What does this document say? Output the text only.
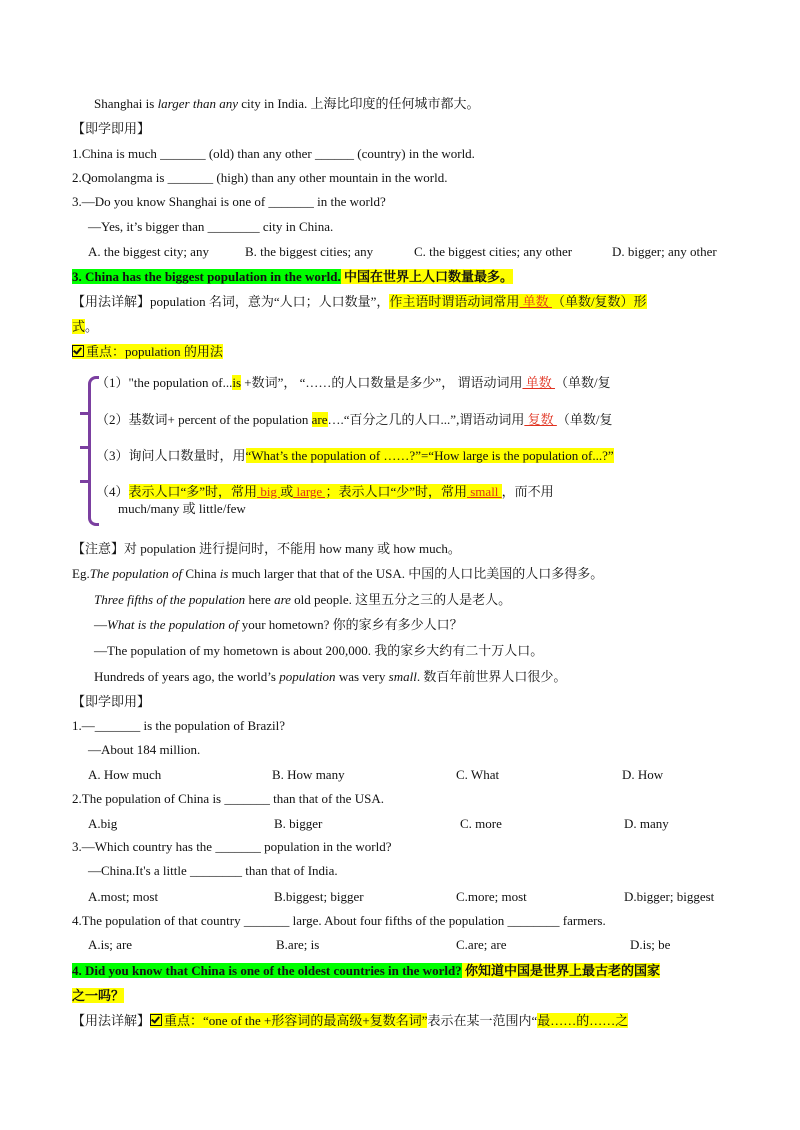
Shanghai is larger than any city in India. 上海比印度的任何城市都大。
【即学即用】
1.China is much _______ (old) than any other ______ (country) in the world.
2.Qomolangma is _______ (high) than any other mountain in the world.
3.—Do you know Shanghai is one of _______ in the world?
—Yes, it’s bigger than ________ city in China.
A. the biggest city; any	B. the biggest cities; any	C. the biggest cities; any other	D. bigger; any other
3. China has the biggest population in the world. 中国在世界上人口数量最多。
【用法详解】population 名词，意为“人口；人口数量”，作主语时谓语动词常用 单数 （单数/复数）形
式。
重点：population 的用法
（1）"the population of...is +数词”， “……的人口数量是多少”， 谓语动词用 单数 （单数/复
（2）基数词+ percent of the population are….“百分之几的人口...”,谓语动词用 复数 （单数/复
（3）询问人口数量时，用“What’s the population of ……?”=“How large is the population of...?”
（4）表示人口“多”时，常用 big 或 large ；表示人口“少”时，常用 small ，而不用
much/many 或 little/few
【注意】对 population 进行提问时，不能用 how many 或 how much。
Eg.The population of China is much larger that that of the USA. 中国的人口比美国的人口多得多。
Three fifths of the population here are old people. 这里五分之三的人是老人。
—What is the population of your hometown? 你的家乡有多少人口？
—The population of my hometown is about 200,000. 我的家乡大约有二十万人口。
Hundreds of years ago, the world’s population was very small. 数百年前世界人口很少。
【即学即用】
1.—_______ is the population of Brazil?
—About 184 million.
A. How much	B. How many	C. What	D. How
2.The population of China is _______ than that of the USA.
A.big	B. bigger	C. more	D. many
3.—Which country has the _______ population in the world?
—China.It's a little ________ than that of India.
A.most; most	B.biggest; bigger	C.more; most	D.bigger; biggest
4.The population of that country _______ large. About four fifths of the population ________ farmers.
A.is; are	B.are; is	C.are; are	D.is; be
4. Did you know that China is one of the oldest countries in the world? 你知道中国是世界上最古老的国家
之一吗？
【用法详解】 重点：“one of the +形容词的最高级+复数名词”表示在某一范围内“最……的……之
